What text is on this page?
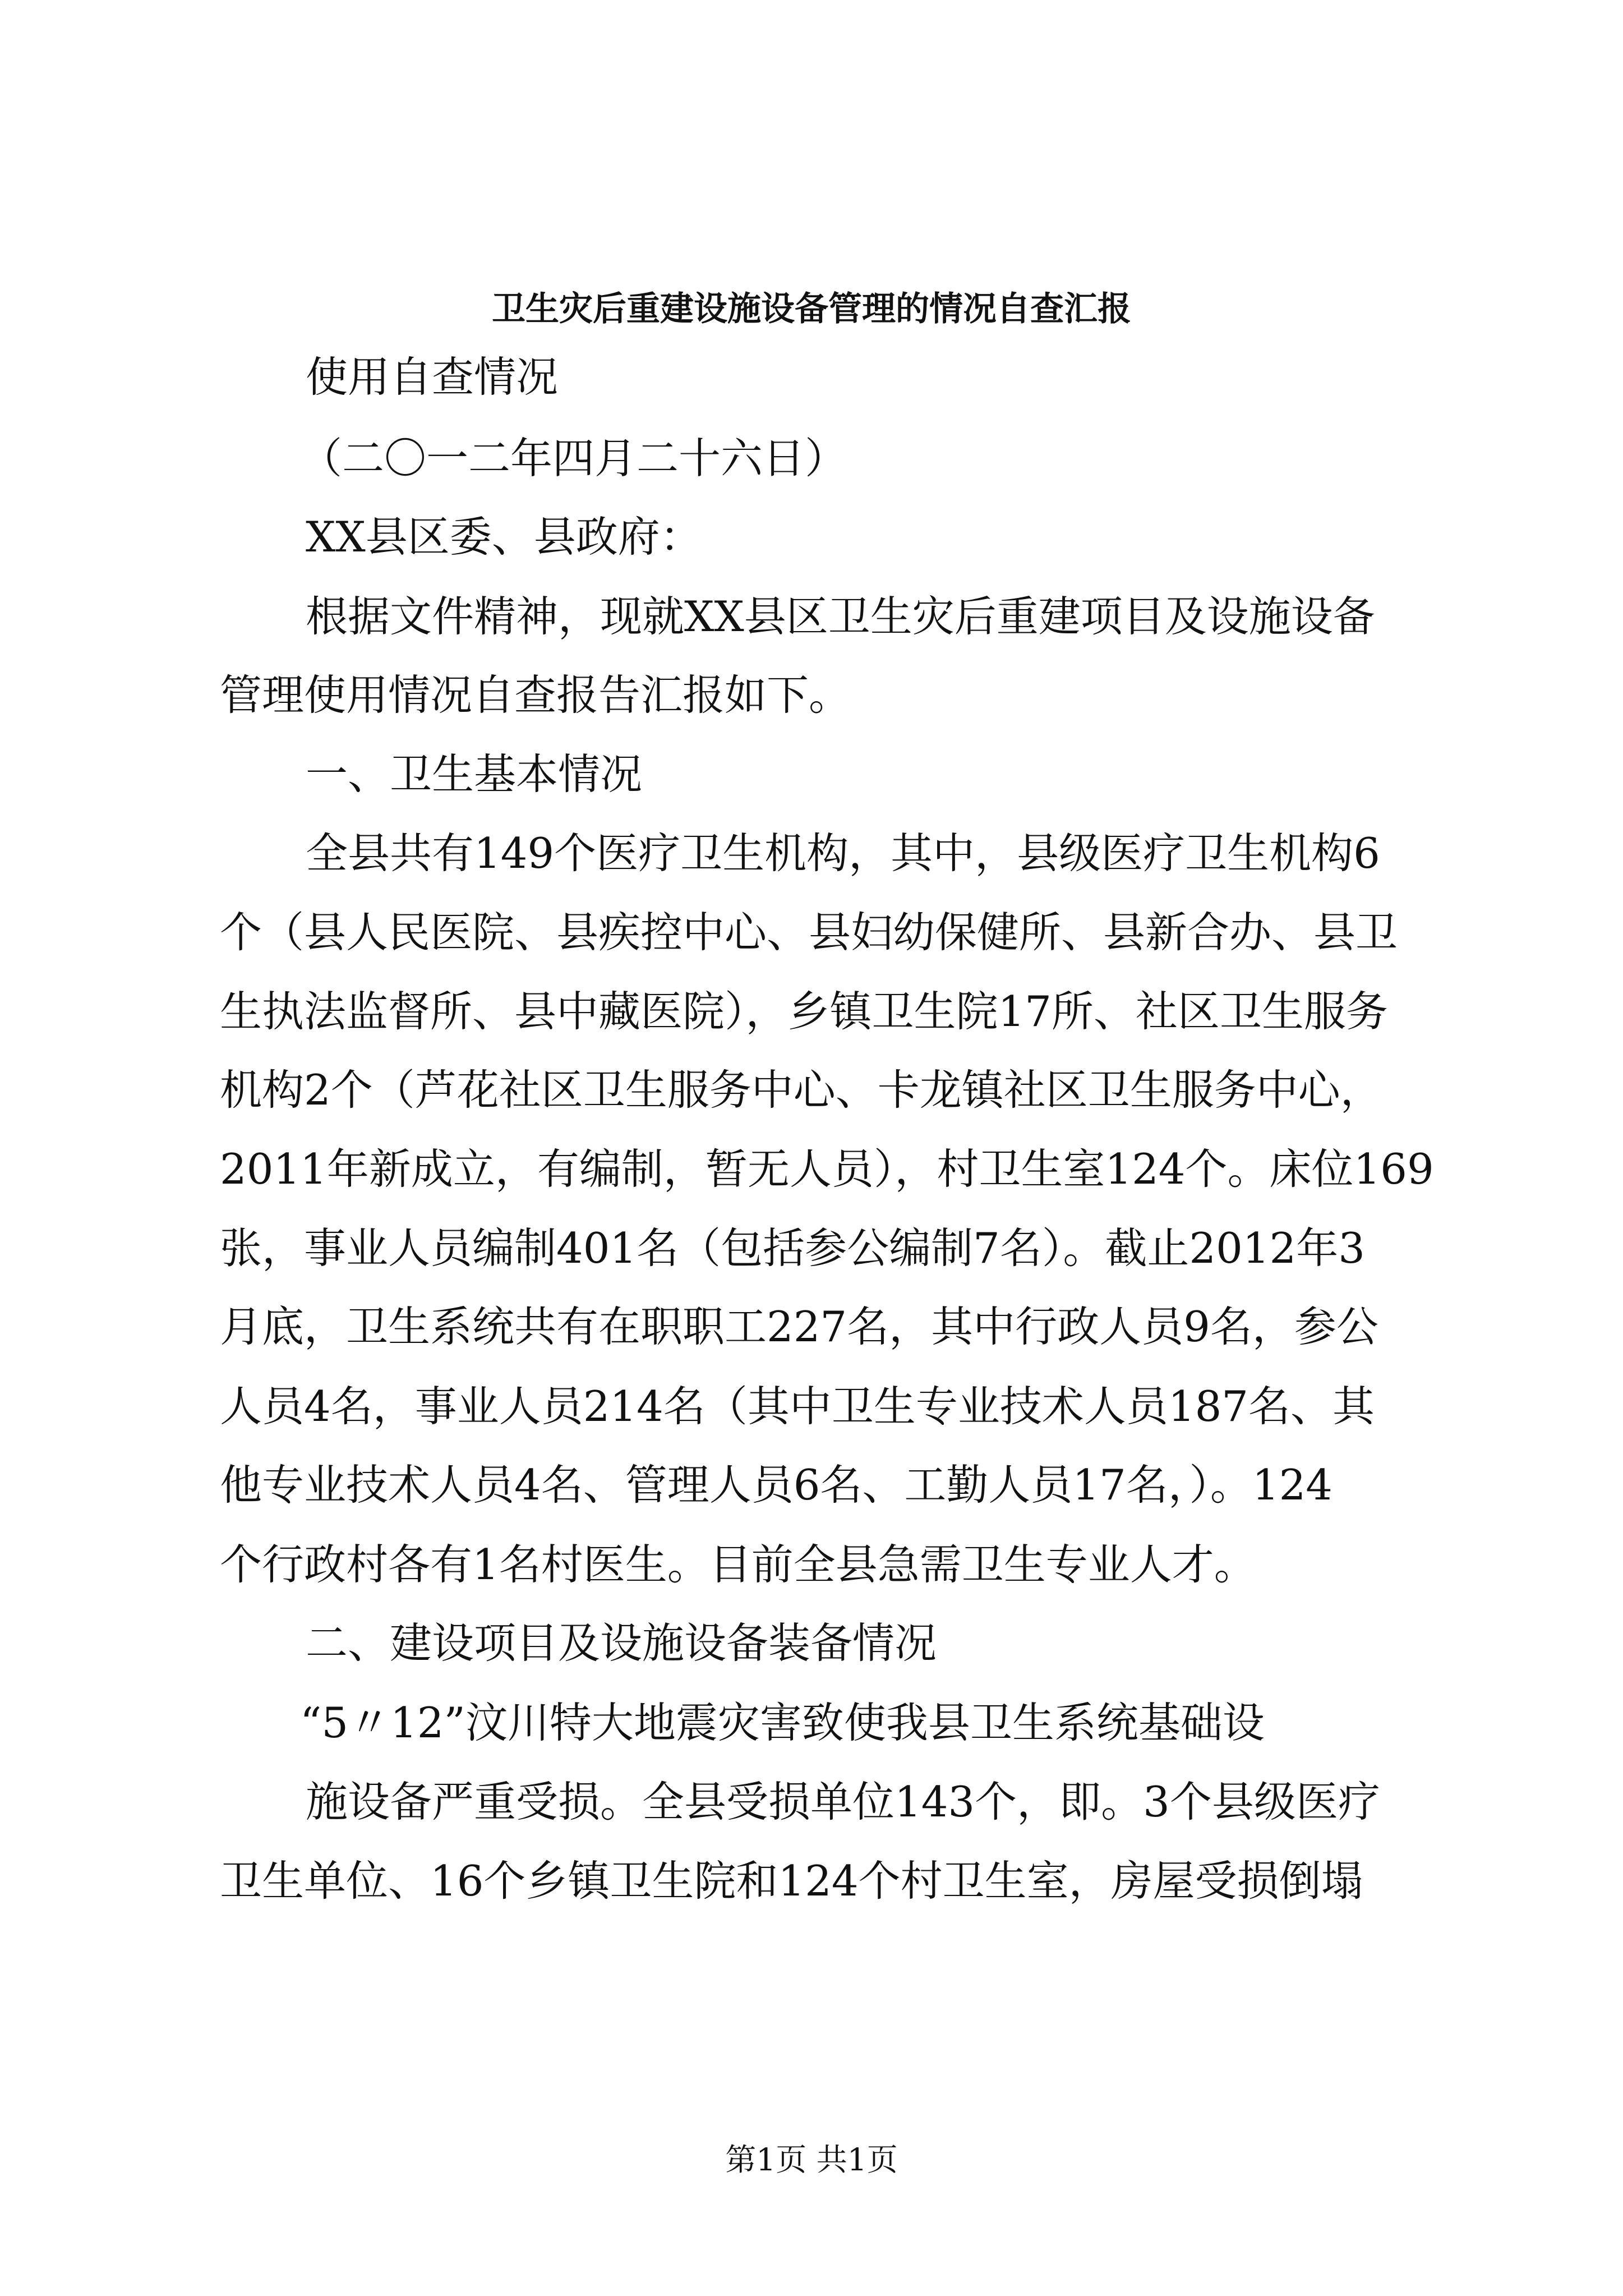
卫生灾后重建设施设备管理的情况自查汇报
使用自查情况
（二〇一二年四月二十六日）
XX县区委、县政府：
根据文件精神，现就XX县区卫生灾后重建项目及设施设备
管理使用情况自查报告汇报如下。
一、卫生基本情况
全县共有149个医疗卫生机构，其中，县级医疗卫生机构6
个（县人民医院、县疾控中心、县妇幼保健所、县新合办、县卫
生执法监督所、县中藏医院），乡镇卫生院17所、社区卫生服务
机构2个（芦花社区卫生服务中心、卡龙镇社区卫生服务中心，
2011年新成立，有编制，暂无人员），村卫生室124个。床位169
张，事业人员编制401名（包括参公编制7名）。截止2012年3
月底，卫生系统共有在职职工227名，其中行政人员9名，参公
人员4名，事业人员214名（其中卫生专业技术人员187名、其
他专业技术人员4名、管理人员6名、工勤人员17名，）。124
个行政村各有1名村医生。目前全县急需卫生专业人才。
二、建设项目及设施设备装备情况
“5〃12”汶川特大地震灾害致使我县卫生系统基础设
施设备严重受损。全县受损单位143个，即。3个县级医疗
卫生单位、16个乡镇卫生院和124个村卫生室，房屋受损倒塌
第1页 共1页
